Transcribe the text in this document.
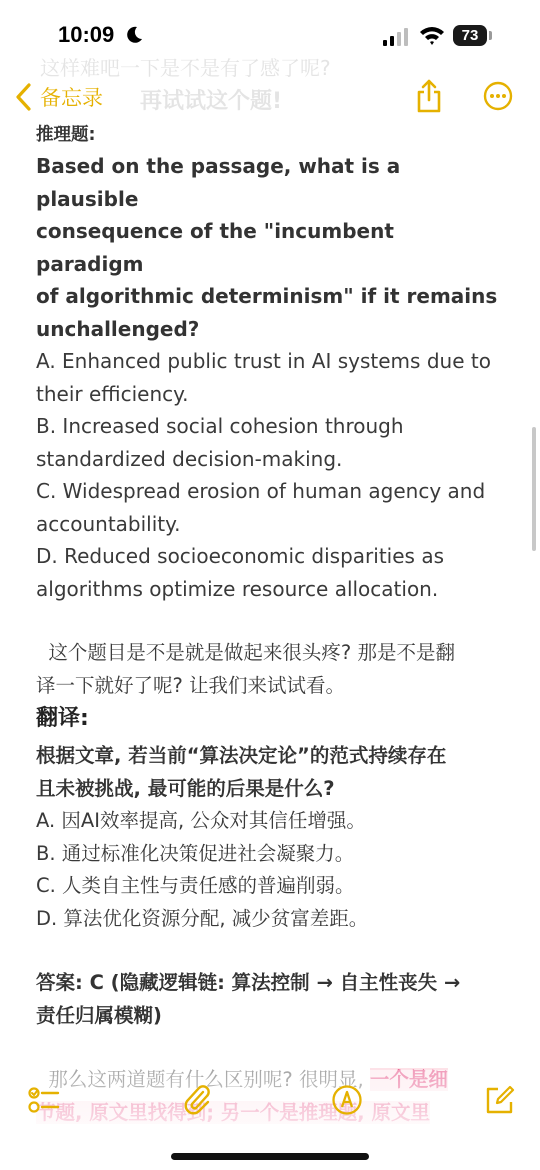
10:09	73
这样难吧一下是不是有了感了呢?
再试试这个题!
备忘录

推理题:

Based on the passage, what is a plausible

consequence of the "incumbent paradigm

of algorithmic determinism" if it remains

unchallenged?

A. Enhanced public trust in AI systems due to

their efficiency.

B. Increased social cohesion through

standardized decision-making.

C. Widespread erosion of human agency and

accountability.

D. Reduced socioeconomic disparities as

algorithms optimize resource allocation.

这个题目是不是就是做起来很头疼? 那是不是翻

译一下就好了呢? 让我们来试试看。

翻译:

根据文章, 若当前“算法决定论”的范式持续存在

且未被挑战, 最可能的后果是什么?

A. 因AI效率提高, 公众对其信任增强。

B. 通过标准化决策促进社会凝聚力。

C. 人类自主性与责任感的普遍削弱。

D. 算法优化资源分配, 减少贫富差距。

答案: C (隐藏逻辑链: 算法控制 → 自主性丧失 →

责任归属模糊)
